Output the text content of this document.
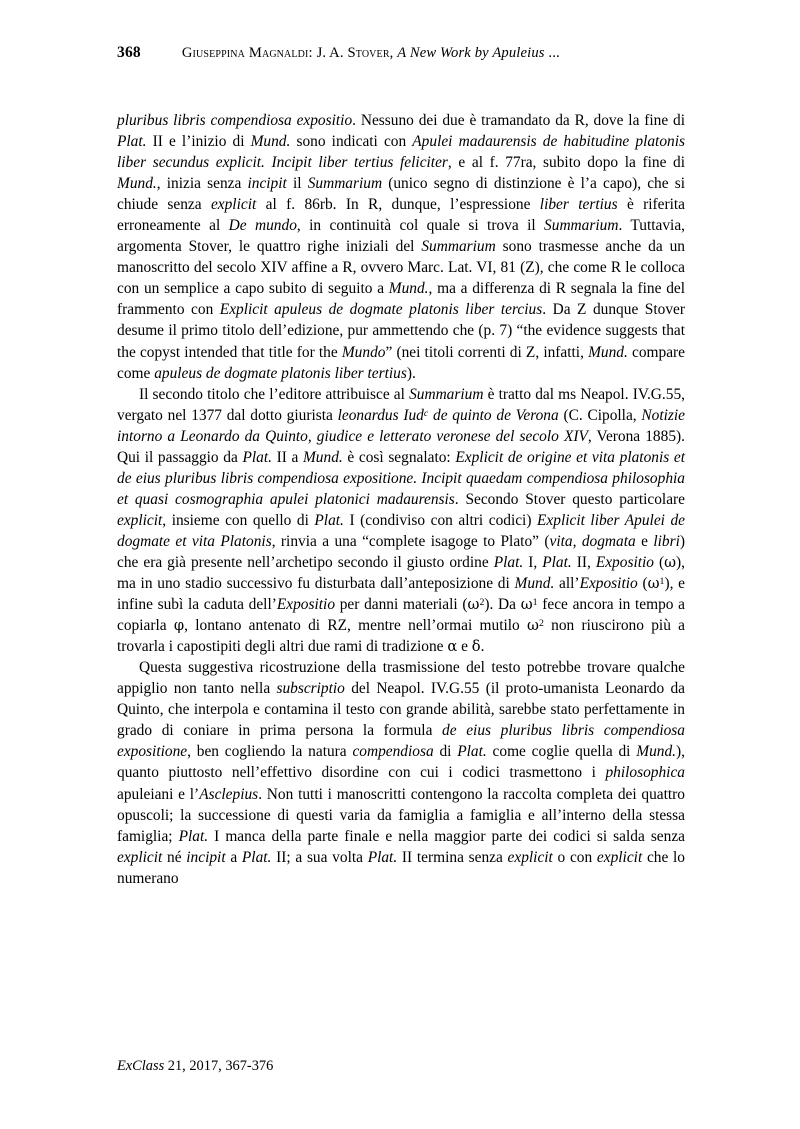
368	Giuseppina Magnaldi: J. A. Stover, A New Work by Apuleius ...

pluribus libris compendiosa expositio. Nessuno dei due è tramandato da R, dove la fine di Plat. II e l’inizio di Mund. sono indicati con Apulei madaurensis de habitudine platonis liber secundus explicit. Incipit liber tertius feliciter, e al f. 77ra, subito dopo la fine di Mund., inizia senza incipit il Summarium (unico segno di distinzione è l’a capo), che si chiude senza explicit al f. 86rb. In R, dunque, l’espressione liber tertius è riferita erroneamente al De mundo, in continuità col quale si trova il Summarium. Tuttavia, argomenta Stover, le quattro righe iniziali del Summarium sono trasmesse anche da un manoscritto del secolo XIV affine a R, ovvero Marc. Lat. VI, 81 (Z), che come R le colloca con un semplice a capo subito di seguito a Mund., ma a differenza di R segnala la fine del frammento con Explicit apuleus de dogmate platonis liber tercius. Da Z dunque Stover desume il primo titolo dell’edizione, pur ammettendo che (p. 7) “the evidence suggests that the copyst intended that title for the Mundo” (nei titoli correnti di Z, infatti, Mund. compare come apuleus de dogmate platonis liber tertius).

Il secondo titolo che l’editore attribuisce al Summarium è tratto dal ms Neapol. IV.G.55, vergato nel 1377 dal dotto giurista leonardus Iud$^c$ de quinto de Verona (C. Cipolla, Notizie intorno a Leonardo da Quinto, giudice e letterato veronese del secolo XIV, Verona 1885). Qui il passaggio da Plat. II a Mund. è così segnalato: Explicit de origine et vita platonis et de eius pluribus libris compendiosa expositione. Incipit quaedam compendiosa philosophia et quasi cosmographia apulei platonici madaurensis. Secondo Stover questo particolare explicit, insieme con quello di Plat. I (condiviso con altri codici) Explicit liber Apulei de dogmate et vita Platonis, rinvia a una “complete isagoge to Plato” (vita, dogmata e libri) che era già presente nell’archetipo secondo il giusto ordine Plat. I, Plat. II, Expositio (ω), ma in uno stadio successivo fu disturbata dall’anteposizione di Mund. all’Expositio $(\omega^1)$, e infine subì la caduta dell’Expositio per danni materiali $(\omega^2)$. Da $\omega^1$ fece ancora in tempo a copiarla φ, lontano antenato di RZ, mentre nell’ormai mutilo $\omega^2$ non riuscirono più a trovarla i capostipiti degli altri due rami di tradizione α e δ.

Questa suggestiva ricostruzione della trasmissione del testo potrebbe trovare qualche appiglio non tanto nella subscriptio del Neapol. IV.G.55 (il proto-umanista Leonardo da Quinto, che interpola e contamina il testo con grande abilità, sarebbe stato perfettamente in grado di coniare in prima persona la formula de eius pluribus libris compendiosa expositione, ben cogliendo la natura compendiosa di Plat. come coglie quella di Mund.), quanto piuttosto nell’effettivo disordine con cui i codici trasmettono i philosophica apuleiani e l’Asclepius. Non tutti i manoscritti contengono la raccolta completa dei quattro opuscoli; la successione di questi varia da famiglia a famiglia e all’interno della stessa famiglia; Plat. I manca della parte finale e nella maggior parte dei codici si salda senza explicit né incipit a Plat. II; a sua volta Plat. II termina senza explicit o con explicit che lo numerano

ExClass 21, 2017, 367-376
